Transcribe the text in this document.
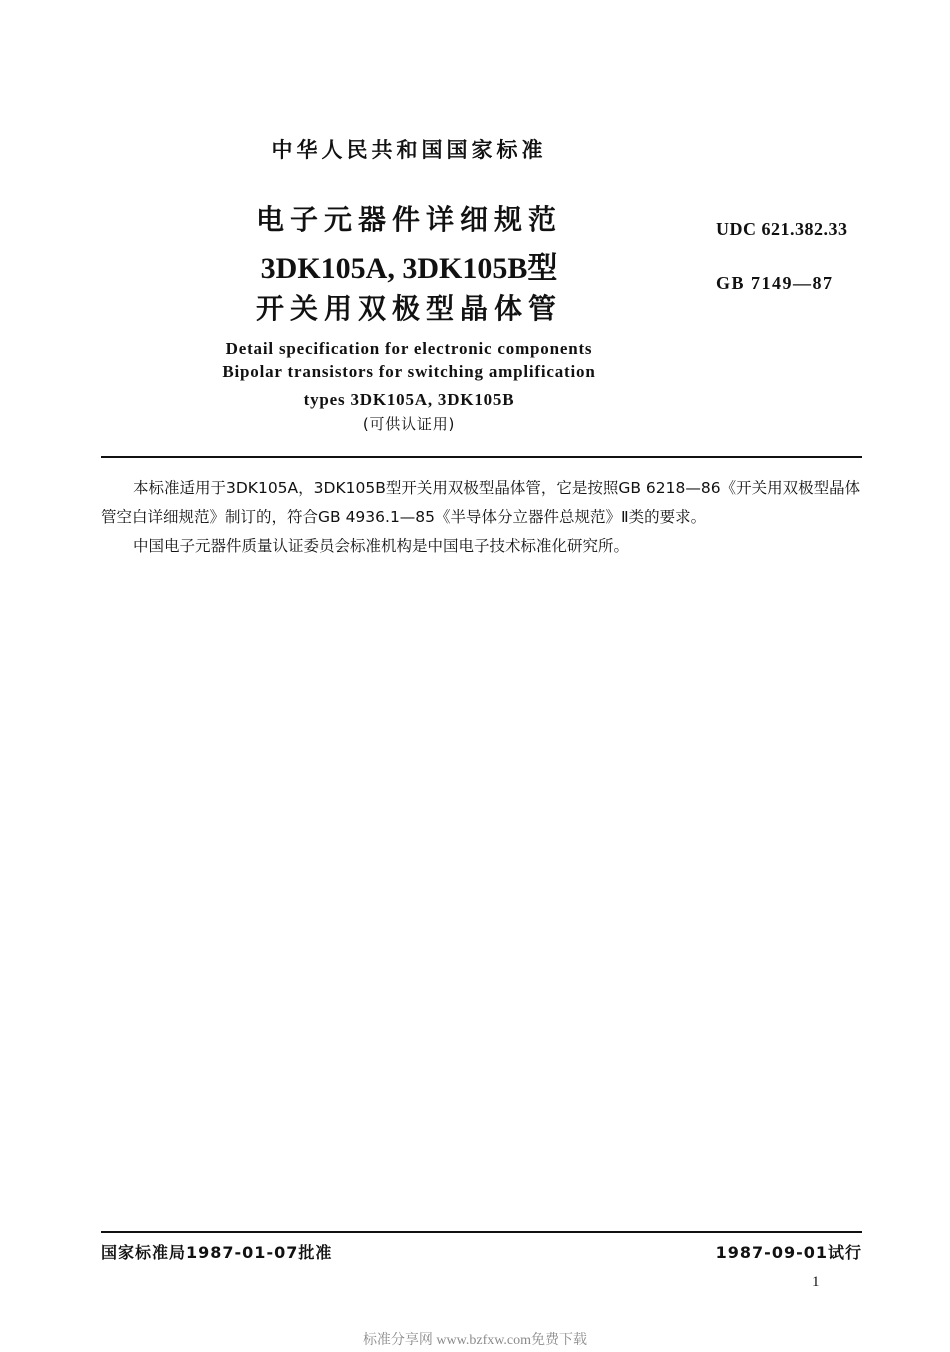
中华人民共和国国家标准
电子元器件详细规范
3DK105A, 3DK105B型
开关用双极型晶体管
UDC 621.382.33
GB 7149—87
Detail specification for electronic components
Bipolar transistors for switching amplification
types 3DK105A, 3DK105B
(可供认证用)
本标准适用于3DK105A，3DK105B型开关用双极型晶体管，它是按照GB 6218—86《开关用双极型晶体管空白详细规范》制订的，符合GB 4936.1—85《半导体分立器件总规范》Ⅱ类的要求。
中国电子元器件质量认证委员会标准机构是中国电子技术标准化研究所。
国家标准局1987-01-07批准	1987-09-01试行
1
标准分享网 www.bzfxw.com免费下载
